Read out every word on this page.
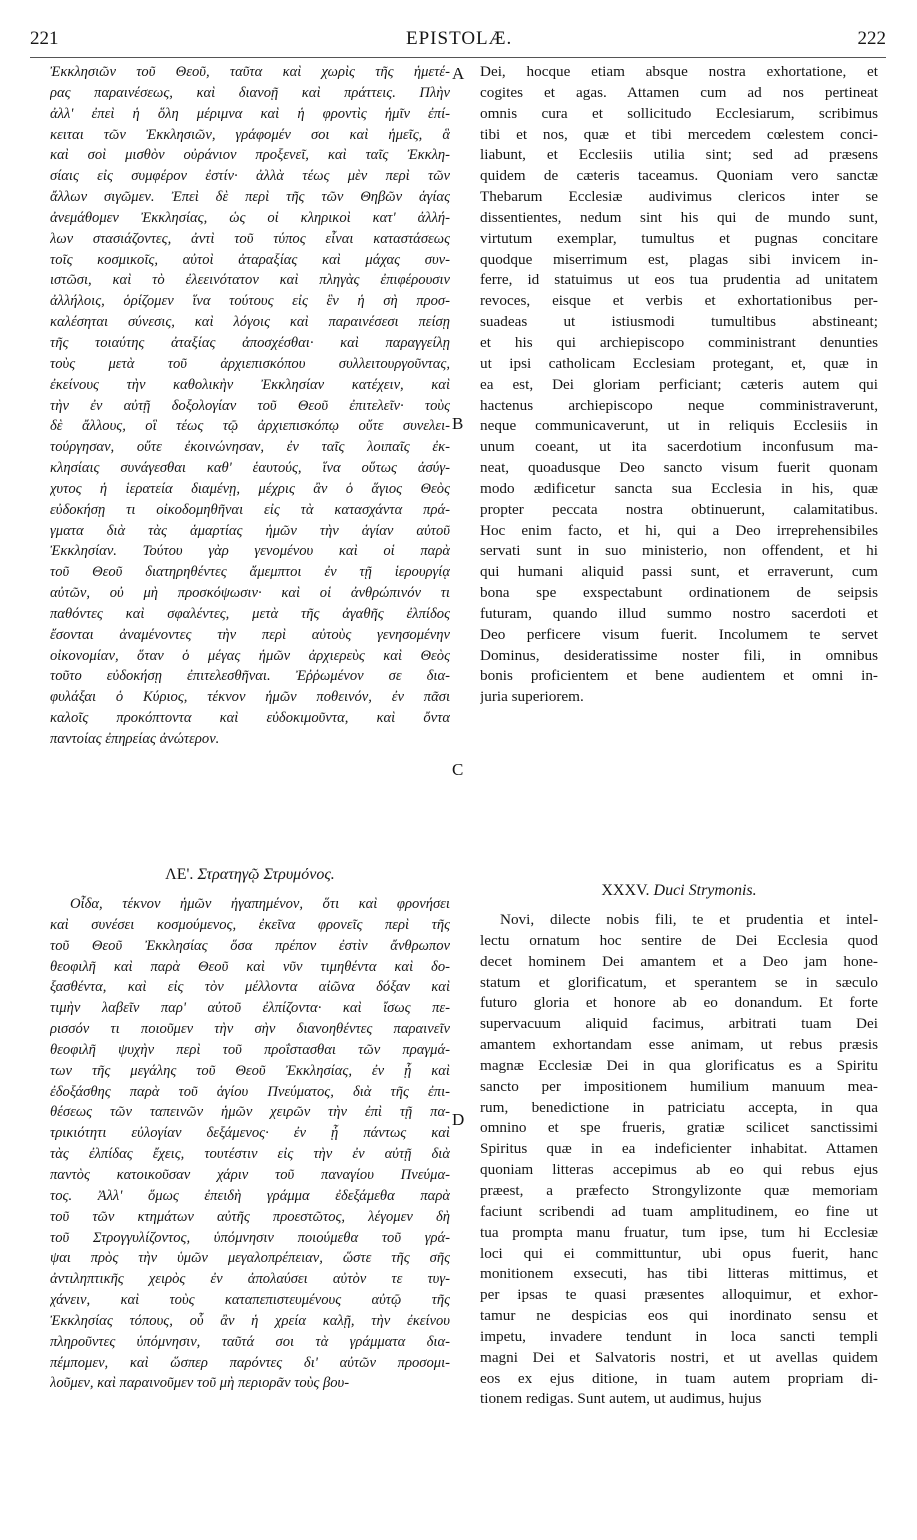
221	EPISTOLÆ.	222
A
B
C
D
Ἐκκλησιῶν τοῦ Θεοῦ, ταῦτα καὶ χωρὶς τῆς ἡμετέ-
ρας παραινέσεως, καὶ διανοῇ καὶ πράττεις. Πλὴν
ἀλλ' ἐπεὶ ἡ ὅλη μέριμνα καὶ ἡ φροντὶς ἡμῖν ἐπί-
κειται τῶν Ἐκκλησιῶν, γράφομέν σοι καὶ ἡμεῖς, ἃ
καὶ σοὶ μισθὸν οὐράνιον προξενεῖ, καὶ ταῖς Ἐκκλη-
σίαις εἰς συμφέρον ἐστίν· ἀλλὰ τέως μὲν περὶ τῶν
ἄλλων σιγῶμεν. Ἐπεὶ δὲ περὶ τῆς τῶν Θηβῶν ἁγίας
ἀνεμάθομεν Ἐκκλησίας, ὡς οἱ κληρικοὶ κατ' ἀλλή-
λων στασιάζοντες, ἀντὶ τοῦ τύπος εἶναι καταστάσεως
τοῖς κοσμικοῖς, αὐτοὶ ἀταραξίας καὶ μάχας συν-
ιστῶσι, καὶ τὸ ἐλεεινότατον καὶ πληγὰς ἐπιφέρουσιν
ἀλλήλοις, ὁρίζομεν ἵνα τούτους εἰς ἓν ἡ σὴ προσ-
καλέσηται σύνεσις, καὶ λόγοις καὶ παραινέσεσι πείσῃ
τῆς τοιαύτης ἀταξίας ἀποσχέσθαι· καὶ παραγγείλῃ
τοὺς μετὰ τοῦ ἀρχιεπισκόπου συλλειτουργοῦντας,
ἐκείνους τὴν καθολικὴν Ἐκκλησίαν κατέχειν, καὶ
τὴν ἐν αὐτῇ δοξολογίαν τοῦ Θεοῦ ἐπιτελεῖν· τοὺς
δὲ ἄλλους, οἳ τέως τῷ ἀρχιεπισκόπῳ οὔτε συνελει-
τούργησαν, οὔτε ἐκοινώνησαν, ἐν ταῖς λοιπαῖς ἐκ-
κλησίαις συνάγεσθαι καθ' ἑαυτούς, ἵνα οὕτως ἀσύγ-
χυτος ἡ ἱερατεία διαμένῃ, μέχρις ἂν ὁ ἅγιος Θεὸς
εὐδοκήσῃ τι οἰκοδομηθῆναι εἰς τὰ κατασχάντα πρά-
γματα διὰ τὰς ἁμαρτίας ἡμῶν τὴν ἁγίαν αὐτοῦ
Ἐκκλησίαν. Τούτου γὰρ γενομένου καὶ οἱ παρὰ
τοῦ Θεοῦ διατηρηθέντες ἄμεμπτοι ἐν τῇ ἱερουργίᾳ
αὐτῶν, οὐ μὴ προσκόψωσιν· καὶ οἱ ἀνθρώπινόν τι
παθόντες καὶ σφαλέντες, μετὰ τῆς ἀγαθῆς ἐλπίδος
ἔσονται ἀναμένοντες τὴν περὶ αὐτοὺς γενησομένην
οἰκονομίαν, ὅταν ὁ μέγας ἡμῶν ἀρχιερεὺς καὶ Θεὸς
τοῦτο εὐδοκήσῃ ἐπιτελεσθῆναι. Ἐῤῥωμένον σε δια-
φυλάξαι ὁ Κύριος, τέκνον ἡμῶν ποθεινόν, ἐν πᾶσι
καλοῖς προκόπτοντα καὶ εὐδοκιμοῦντα, καὶ ὄντα
παντοίας ἐπηρείας ἀνώτερον.
ΛΕ'. Στρατηγῷ Στρυμόνος.
Οἶδα, τέκνον ἡμῶν ἠγαπημένον, ὅτι καὶ φρονήσει
καὶ συνέσει κοσμούμενος, ἐκεῖνα φρονεῖς περὶ τῆς
τοῦ Θεοῦ Ἐκκλησίας ὅσα πρέπον ἐστὶν ἄνθρωπον
θεοφιλῆ καὶ παρὰ Θεοῦ καὶ νῦν τιμηθέντα καὶ δο-
ξασθέντα, καὶ εἰς τὸν μέλλοντα αἰῶνα δόξαν καὶ
τιμὴν λαβεῖν παρ' αὐτοῦ ἐλπίζοντα· καὶ ἴσως πε-
ρισσόν τι ποιοῦμεν τὴν σὴν διανοηθέντες παραινεῖν
θεοφιλῆ ψυχὴν περὶ τοῦ προΐστασθαι τῶν πραγμά-
των τῆς μεγάλης τοῦ Θεοῦ Ἐκκλησίας, ἐν ᾗ καὶ
ἐδοξάσθης παρὰ τοῦ ἁγίου Πνεύματος, διὰ τῆς ἐπι-
θέσεως τῶν ταπεινῶν ἡμῶν χειρῶν τὴν ἐπὶ τῇ πα-
τρικιότητι εὐλογίαν δεξάμενος· ἐν ᾗ πάντως καὶ
τὰς ἐλπίδας ἔχεις, τουτέστιν εἰς τὴν ἐν αὐτῇ διὰ
παντὸς κατοικοῦσαν χάριν τοῦ παναγίου Πνεύμα-
τος. Ἀλλ' ὅμως ἐπειδὴ γράμμα ἐδεξάμεθα παρὰ
τοῦ τῶν κτημάτων αὐτῆς προεστῶτος, λέγομεν δὴ
τοῦ Στρογγυλίζοντος, ὑπόμνησιν ποιούμεθα τοῦ γρά-
ψαι πρὸς τὴν ὑμῶν μεγαλοπρέπειαν, ὥστε τῆς σῆς
ἀντιληπτικῆς χειρὸς ἐν ἀπολαύσει αὐτὸν τε τυγ-
χάνειν, καὶ τοὺς καταπεπιστευμένους αὐτῷ τῆς
Ἐκκλησίας τόπους, οὗ ἂν ἡ χρεία καλῇ, τὴν ἐκείνου
πληροῦντες ὑπόμνησιν, ταῦτά σοι τὰ γράμματα δια-
πέμπομεν, καὶ ὥσπερ παρόντες δι' αὐτῶν προσομι-
λοῦμεν, καὶ παραινοῦμεν τοῦ μὴ περιορᾶν τοὺς βου-
Dei, hocque etiam absque nostra exhortatione, et
cogites et agas. Attamen cum ad nos pertineat
omnis cura et sollicitudo Ecclesiarum, scribimus
tibi et nos, quæ et tibi mercedem cœlestem conci-
liabunt, et Ecclesiis utilia sint; sed ad præsens
quidem de cæteris taceamus. Quoniam vero sanctæ
Thebarum Ecclesiæ audivimus clericos inter se
dissentientes, nedum sint his qui de mundo sunt,
virtutum exemplar, tumultus et pugnas concitare
quodque miserrimum est, plagas sibi invicem in-
ferre, id statuimus ut eos tua prudentia ad unitatem
revoces, eisque et verbis et exhortationibus per-
suadeas ut istiusmodi tumultibus abstineant;
et his qui archiepiscopo comministrant denunties
ut ipsi catholicam Ecclesiam protegant, et, quæ in
ea est, Dei gloriam perficiant; cæteris autem qui
hactenus archiepiscopo neque comministraverunt,
neque communicaverunt, ut in reliquis Ecclesiis in
unum coeant, ut ita sacerdotium inconfusum ma-
neat, quoadusque Deo sancto visum fuerit quonam
modo ædificetur sancta sua Ecclesia in his, quæ
propter peccata nostra obtinuerunt, calamitatibus.
Hoc enim facto, et hi, qui a Deo irreprehensibiles
servati sunt in suo ministerio, non offendent, et hi
qui humani aliquid passi sunt, et erraverunt, cum
bona spe exspectabunt ordinationem de seipsis
futuram, quando illud summo nostro sacerdoti et
Deo perficere visum fuerit. Incolumem te servet
Dominus, desideratissime noster fili, in omnibus
bonis proficientem et bene audientem et omni in-
juria superiorem.
XXXV. Duci Strymonis.
Novi, dilecte nobis fili, te et prudentia et intel-
lectu ornatum hoc sentire de Dei Ecclesia quod
decet hominem Dei amantem et a Deo jam hone-
statum et glorificatum, et sperantem se in sæculo
futuro gloria et honore ab eo donandum. Et forte
supervacuum aliquid facimus, arbitrati tuam Dei
amantem exhortandam esse animam, ut rebus præsis
magnæ Ecclesiæ Dei in qua glorificatus es a Spiritu
sancto per impositionem humilium manuum mea-
rum, benedictione in patriciatu accepta, in qua
omnino et spe frueris, gratiæ scilicet sanctissimi
Spiritus quæ in ea indeficienter inhabitat. Attamen
quoniam litteras accepimus ab eo qui rebus ejus
præest, a præfecto Strongylizonte quæ memoriam
faciunt scribendi ad tuam amplitudinem, eo fine ut
tua prompta manu fruatur, tum ipse, tum hi Ecclesiæ
loci qui ei committuntur, ubi opus fuerit, hanc
monitionem exsecuti, has tibi litteras mittimus, et
per ipsas te quasi præsentes alloquimur, et exhor-
tamur ne despicias eos qui inordinato sensu et
impetu, invadere tendunt in loca sancti templi
magni Dei et Salvatoris nostri, et ut avellas quidem
eos ex ejus ditione, in tuam autem propriam di-
tionem redigas. Sunt autem, ut audimus, hujus
